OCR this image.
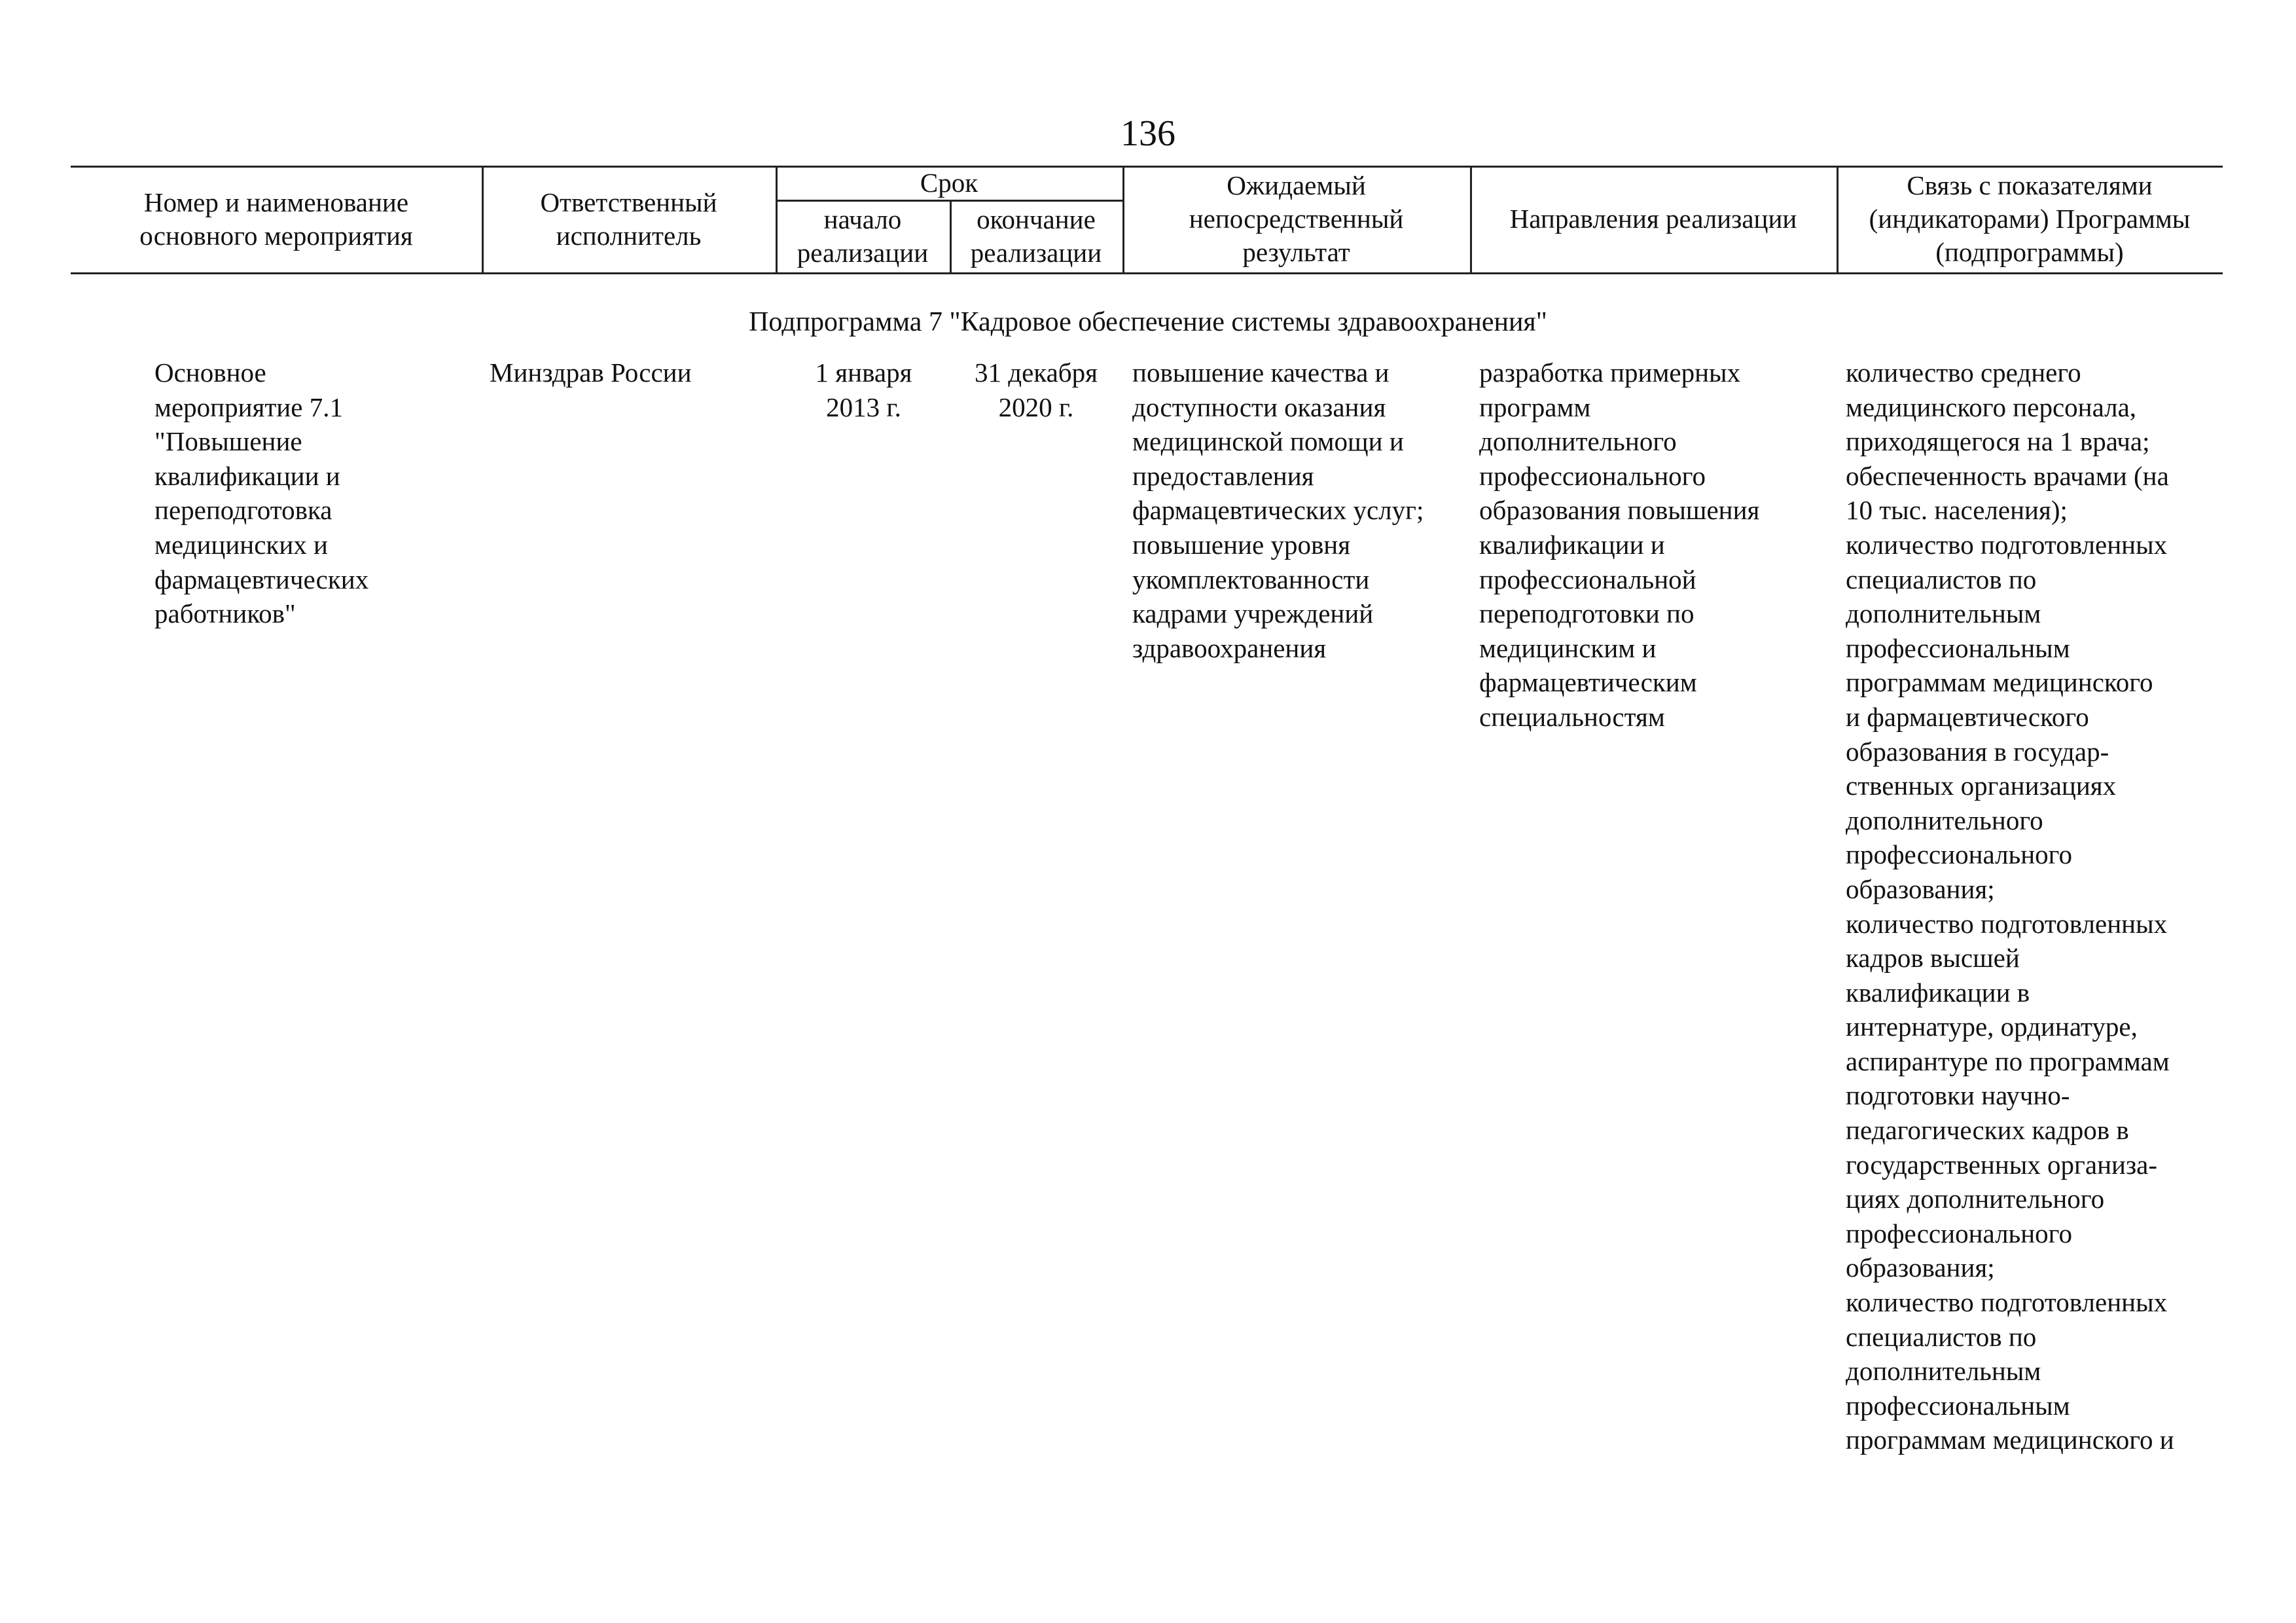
136
Номер и наименование
основного мероприятия
Ответственный
исполнитель
Срок
начало
реализации
окончание
реализации
Ожидаемый
непосредственный
результат
Направления реализации
Связь с показателями
(индикаторами) Программы
(подпрограммы)
Подпрограмма 7 "Кадровое обеспечение системы здравоохранения"
Основное
мероприятие 7.1
"Повышение
квалификации и
переподготовка
медицинских и
фармацевтических
работников"
Минздрав России	1 января
2013 г.
31 декабря
2020 г.
повышение качества и
доступности оказания
медицинской помощи и
предоставления
фармацевтических услуг;
повышение уровня
укомплектованности
кадрами учреждений
здравоохранения
разработка примерных
программ
дополнительного
профессионального
образования повышения
квалификации и
профессиональной
переподготовки по
медицинским и
фармацевтическим
специальностям
количество среднего
медицинского персонала,
приходящегося на 1 врача;
обеспеченность врачами (на
10 тыс. населения);
количество подготовленных
специалистов по
дополнительным
профессиональным
программам медицинского
и фармацевтического
образования в государ-
ственных организациях
дополнительного
профессионального
образования;
количество подготовленных
кадров высшей
квалификации в
интернатуре, ординатуре,
аспирантуре по программам
подготовки научно-
педагогических кадров в
государственных организа-
циях дополнительного
профессионального
образования;
количество подготовленных
специалистов по
дополнительным
профессиональным
программам медицинского и
